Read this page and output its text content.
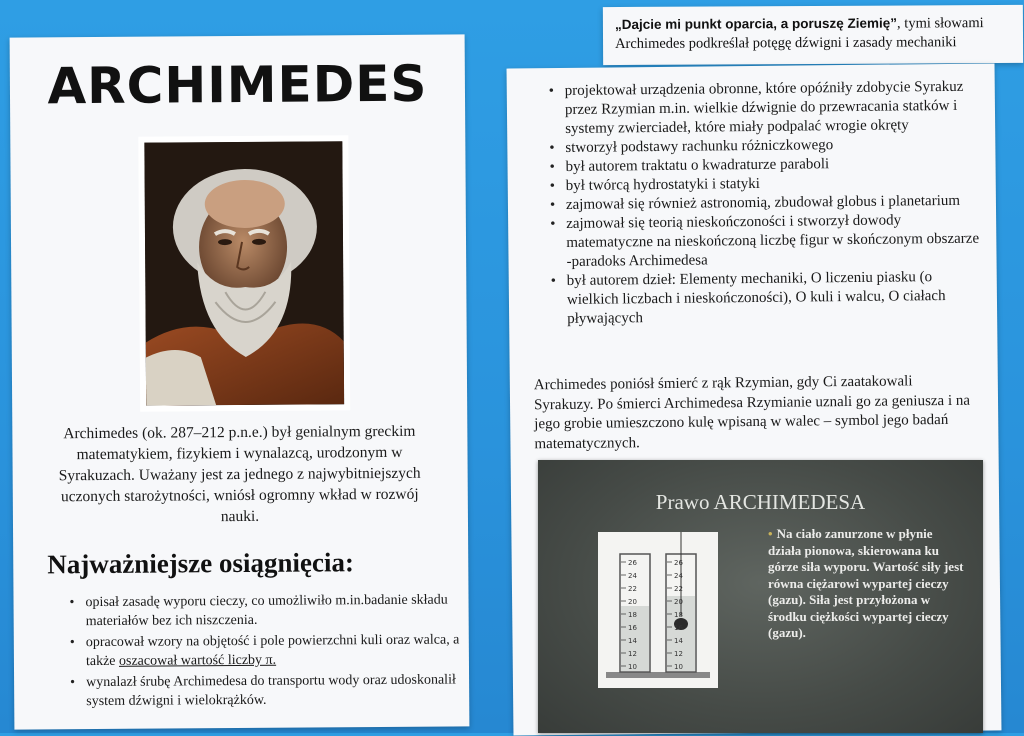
ARCHIMEDES
Archimedes (ok. 287–212 p.n.e.) był genialnym greckim matematykiem, fizykiem i wynalazcą, urodzonym w Syrakuzach. Uważany jest za jednego z najwybitniejszych uczonych starożytności, wniósł ogromny wkład w rozwój nauki.
Najważniejsze osiągnięcia:
• opisał zasadę wyporu cieczy, co umożliwiło m.in.badanie składu materiałów bez ich niszczenia.
• opracował wzory na objętość i pole powierzchni kuli oraz walca, a także oszacował wartość liczby π.
• wynalazł śrubę Archimedesa do transportu wody oraz udoskonalił system dźwigni i wielokrążków.
„Dajcie mi punkt oparcia, a poruszę Ziemię”, tymi słowami Archimedes podkreślał potęgę dźwigni i zasady mechaniki
• projektował urządzenia obronne, które opóźniły zdobycie Syrakuz przez Rzymian m.in. wielkie dźwignie do przewracania statków i systemy zwierciadeł, które miały podpalać wrogie okręty
• stworzył podstawy rachunku różniczkowego
• był autorem traktatu o kwadraturze paraboli
• był twórcą hydrostatyki i statyki
• zajmował się również astronomią, zbudował globus i planetarium
• zajmował się teorią nieskończoności i stworzył dowody matematyczne na nieskończoną liczbę figur w skończonym obszarze -paradoks Archimedesa
• był autorem dzieł: Elementy mechaniki, O liczeniu piasku (o wielkich liczbach i nieskończoności), O kuli i walcu, O ciałach pływających
Archimedes poniósł śmierć z rąk Rzymian, gdy Ci zaatakowali Syrakuzy. Po śmierci Archimedesa Rzymianie uznali go za geniusza i na jego grobie umieszczono kulę wpisaną w walec – symbol jego badań matematycznych.
Prawo ARCHIMEDESA
26
24
22
20
18
16
14
12
10
26
24
22
20
18
16
14
12
10
• Na ciało zanurzone w płynie działa pionowa, skierowana ku górze siła wyporu. Wartość siły jest równa ciężarowi wypartej cieczy (gazu). Siła jest przyłożona w środku ciężkości wypartej cieczy (gazu).
